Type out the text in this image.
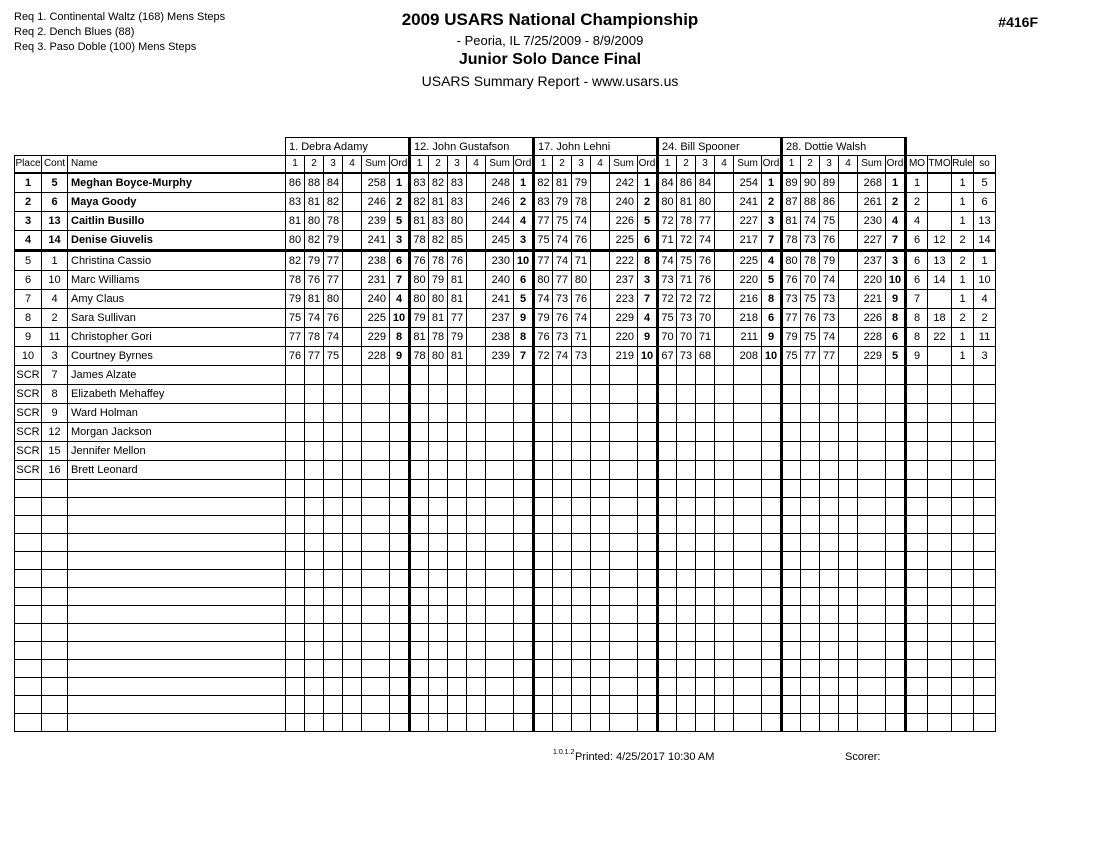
Req 1. Continental Waltz (168) Mens Steps
Req 2. Dench Blues (88)
Req 3. Paso Doble (100) Mens Steps
2009 USARS National Championship
- Peoria, IL 7/25/2009 - 8/9/2009
Junior Solo Dance Final
USARS Summary Report - www.usars.us
#416F
			1. Debra Adamy						12. John Gustafson						17. John Lehni						24. Bill Spooner						28. Dottie Walsh									
Place	Cont	Name	1	2	3	4	Sum	Ord	1	2	3	4	Sum	Ord	1	2	3	4	Sum	Ord	1	2	3	4	Sum	Ord	1	2	3	4	Sum	Ord	MO	TMO	Rule	so
1	5	Meghan Boyce-Murphy	86	88	84		258	1	83	82	83		248	1	82	81	79		242	1	84	86	84		254	1	89	90	89		268	1	1		1	5
2	6	Maya Goody	83	81	82		246	2	82	81	83		246	2	83	79	78		240	2	80	81	80		241	2	87	88	86		261	2	2		1	6
3	13	Caitlin Busillo	81	80	78		239	5	81	83	80		244	4	77	75	74		226	5	72	78	77		227	3	81	74	75		230	4	4		1	13
4	14	Denise Giuvelis	80	82	79		241	3	78	82	85		245	3	75	74	76		225	6	71	72	74		217	7	78	73	76		227	7	6	12	2	14
5	1	Christina Cassio	82	79	77		238	6	76	78	76		230	10	77	74	71		222	8	74	75	76		225	4	80	78	79		237	3	6	13	2	1
6	10	Marc Williams	78	76	77		231	7	80	79	81		240	6	80	77	80		237	3	73	71	76		220	5	76	70	74		220	10	6	14	1	10
7	4	Amy Claus	79	81	80		240	4	80	80	81		241	5	74	73	76		223	7	72	72	72		216	8	73	75	73		221	9	7		1	4
8	2	Sara Sullivan	75	74	76		225	10	79	81	77		237	9	79	76	74		229	4	75	73	70		218	6	77	76	73		226	8	8	18	2	2
9	11	Christopher Gori	77	78	74		229	8	81	78	79		238	8	76	73	71		220	9	70	70	71		211	9	79	75	74		228	6	8	22	1	11
10	3	Courtney Byrnes	76	77	75		228	9	78	80	81		239	7	72	74	73		219	10	67	73	68		208	10	75	77	77		229	5	9		1	3
SCR	7	James Alzate																																		
SCR	8	Elizabeth Mehaffey																																		
SCR	9	Ward Holman																																		
SCR	12	Morgan Jackson																																		
SCR	15	Jennifer Mellon																																		
SCR	16	Brett Leonard																																		

1.0.1.2 Printed: 4/25/2017 10:30 AM	Scorer:
